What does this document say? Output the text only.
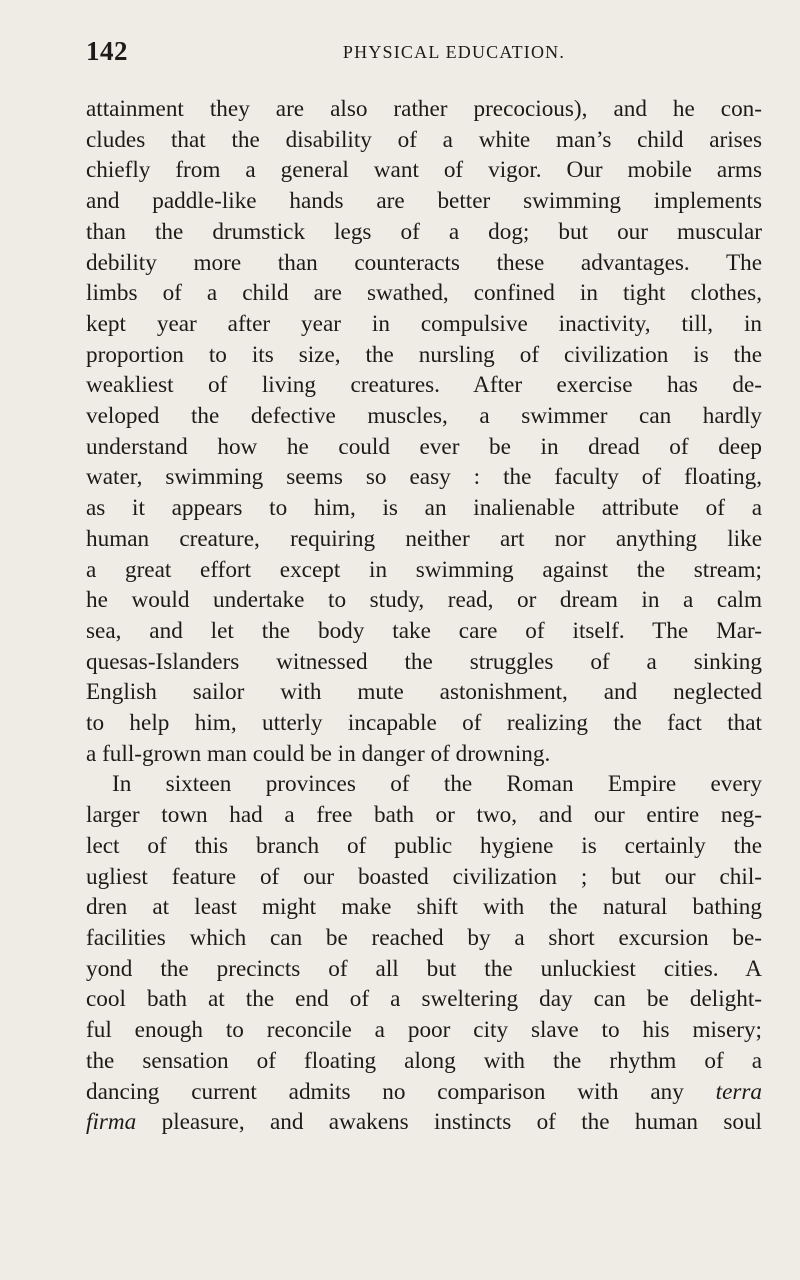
142	PHYSICAL EDUCATION.
attainment they are also rather precocious), and he con-
cludes that the disability of a white man’s child arises
chiefly from a general want of vigor. Our mobile arms
and paddle-like hands are better swimming implements
than the drumstick legs of a dog; but our muscular
debility more than counteracts these advantages. The
limbs of a child are swathed, confined in tight clothes,
kept year after year in compulsive inactivity, till, in
proportion to its size, the nursling of civilization is the
weakliest of living creatures. After exercise has de-
veloped the defective muscles, a swimmer can hardly
understand how he could ever be in dread of deep
water, swimming seems so easy : the faculty of floating,
as it appears to him, is an inalienable attribute of a
human creature, requiring neither art nor anything like
a great effort except in swimming against the stream;
he would undertake to study, read, or dream in a calm
sea, and let the body take care of itself. The Mar-
quesas-Islanders witnessed the struggles of a sinking
English sailor with mute astonishment, and neglected
to help him, utterly incapable of realizing the fact that
a full-grown man could be in danger of drowning.
In sixteen provinces of the Roman Empire every
larger town had a free bath or two, and our entire neg-
lect of this branch of public hygiene is certainly the
ugliest feature of our boasted civilization ; but our chil-
dren at least might make shift with the natural bathing
facilities which can be reached by a short excursion be-
yond the precincts of all but the unluckiest cities. A
cool bath at the end of a sweltering day can be delight-
ful enough to reconcile a poor city slave to his misery;
the sensation of floating along with the rhythm of a
dancing current admits no comparison with any terra
firma pleasure, and awakens instincts of the human soul
